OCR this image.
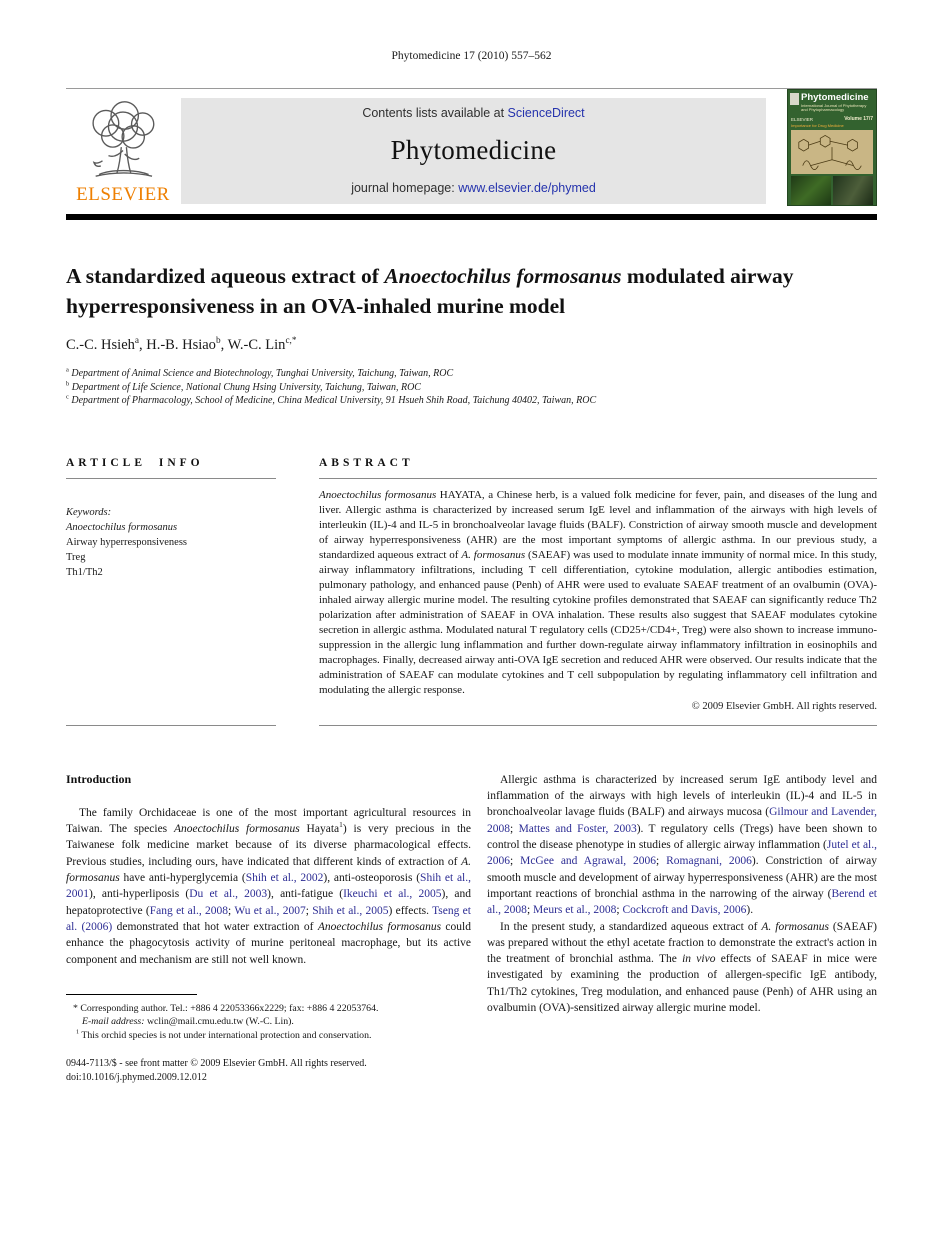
Phytomedicine 17 (2010) 557–562
ELSEVIER
Contents lists available at ScienceDirect
Phytomedicine
journal homepage: www.elsevier.de/phymed
Phytomedicine
International Journal of Phytotherapy and Phytopharmacology
ELSEVIER	Volume 17/7
Importance for Drug Medicine
A standardized aqueous extract of Anoectochilus formosanus modulated airway hyperresponsiveness in an OVA-inhaled murine model
C.-C. Hsieh$^a$, H.-B. Hsiao$^b$, W.-C. Lin$^{c,*}$
$^a$ Department of Animal Science and Biotechnology, Tunghai University, Taichung, Taiwan, ROC
$^b$ Department of Life Science, National Chung Hsing University, Taichung, Taiwan, ROC
$^c$ Department of Pharmacology, School of Medicine, China Medical University, 91 Hsueh Shih Road, Taichung 40402, Taiwan, ROC
ARTICLE INFO
Keywords:
Anoectochilus formosanus
Airway hyperresponsiveness
Treg
Th1/Th2
ABSTRACT
Anoectochilus formosanus HAYATA, a Chinese herb, is a valued folk medicine for fever, pain, and diseases of the lung and liver. Allergic asthma is characterized by increased serum IgE level and inflammation of the airways with high levels of interleukin (IL)-4 and IL-5 in bronchoalveolar lavage fluids (BALF). Constriction of airway smooth muscle and development of airway hyperresponsiveness (AHR) are the most important symptoms of allergic asthma. In our previous study, a standardized aqueous extract of A. formosanus (SAEAF) was used to modulate innate immunity of normal mice. In this study, airway inflammatory infiltrations, including T cell differentiation, cytokine modulation, allergic antibodies estimation, pulmonary pathology, and enhanced pause (Penh) of AHR were used to evaluate SAEAF treatment of an ovalbumin (OVA)-inhaled airway allergic murine model. The resulting cytokine profiles demonstrated that SAEAF can significantly reduce Th2 polarization after administration of SAEAF in OVA inhalation. These results also suggest that SAEAF modulates cytokine secretion in allergic asthma. Modulated natural T regulatory cells (CD25+/CD4+, Treg) were also shown to increase immuno-suppression in the allergic lung inflammation and further down-regulate airway inflammatory infiltration in eosinophils and macrophages. Finally, decreased airway anti-OVA IgE secretion and reduced AHR were observed. Our results indicate that the administration of SAEAF can modulate cytokines and T cell subpopulation by regulating inflammatory cell infiltration and modulating the allergic response.
© 2009 Elsevier GmbH. All rights reserved.
Introduction

The family Orchidaceae is one of the most important agricultural resources in Taiwan. The species Anoectochilus formosanus Hayata$^1$) is very precious in the Taiwanese folk medicine market because of its diverse pharmacological effects. Previous studies, including ours, have indicated that different kinds of extraction of A. formosanus have anti-hyperglycemia (Shih et al., 2002), anti-osteoporosis (Shih et al., 2001), anti-hyperliposis (Du et al., 2003), anti-fatigue (Ikeuchi et al., 2005), and hepatoprotective (Fang et al., 2008; Wu et al., 2007; Shih et al., 2005) effects. Tseng et al. (2006) demonstrated that hot water extraction of Anoectochilus formosanus could enhance the phagocytosis activity of murine peritoneal macrophage, but its active component and mechanism are still not well known.

* Corresponding author. Tel.: +886 4 22053366x2229; fax: +886 4 22053764.
E-mail address: wclin@mail.cmu.edu.tw (W.-C. Lin).
$^1$ This orchid species is not under international protection and conservation.
0944-7113/$ - see front matter © 2009 Elsevier GmbH. All rights reserved.
doi:10.1016/j.phymed.2009.12.012

Allergic asthma is characterized by increased serum IgE antibody level and inflammation of the airways with high levels of interleukin (IL)-4 and IL-5 in bronchoalveolar lavage fluids (BALF) and airways mucosa (Gilmour and Lavender, 2008; Mattes and Foster, 2003). T regulatory cells (Tregs) have been shown to control the disease phenotype in studies of allergic airway inflammation (Jutel et al., 2006; McGee and Agrawal, 2006; Romagnani, 2006). Constriction of airway smooth muscle and development of airway hyperresponsiveness (AHR) are the most important reactions of bronchial asthma in the narrowing of the airway (Berend et al., 2008; Meurs et al., 2008; Cockcroft and Davis, 2006).

In the present study, a standardized aqueous extract of A. formosanus (SAEAF) was prepared without the ethyl acetate fraction to demonstrate the extract's action in the treatment of bronchial asthma. The in vivo effects of SAEAF in mice were investigated by examining the production of allergen-specific IgE antibody, Th1/Th2 cytokines, Treg modulation, and enhanced pause (Penh) of AHR using an ovalbumin (OVA)-sensitized airway allergic murine model.
